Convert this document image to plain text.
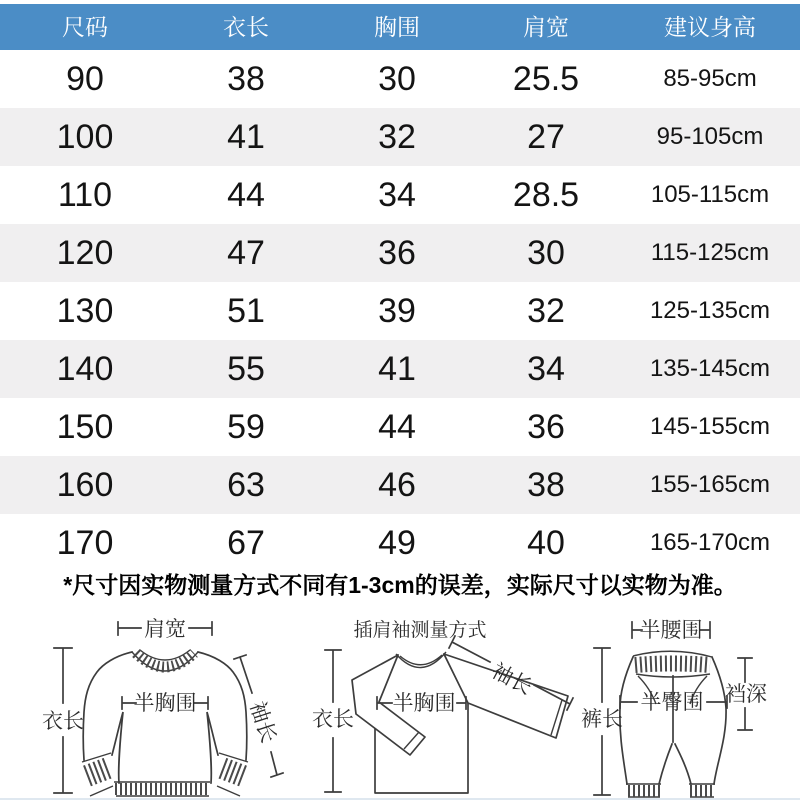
尺码	衣长	胸围	肩宽	建议身高
90	38	30	25.5	85-95cm
100	41	32	27	95-105cm
110	44	34	28.5	105-115cm
120	47	36	30	115-125cm
130	51	39	32	125-135cm
140	55	41	34	135-145cm
150	59	44	36	145-155cm
160	63	46	38	155-165cm
170	67	49	40	165-170cm
*尺寸因实物测量方式不同有1-3cm的误差，实际尺寸以实物为准。
肩宽
衣长
半胸围 袖长
插肩袖测量方式
衣长
半胸围
袖长
半腰围
裤长
半臀围 裆深
